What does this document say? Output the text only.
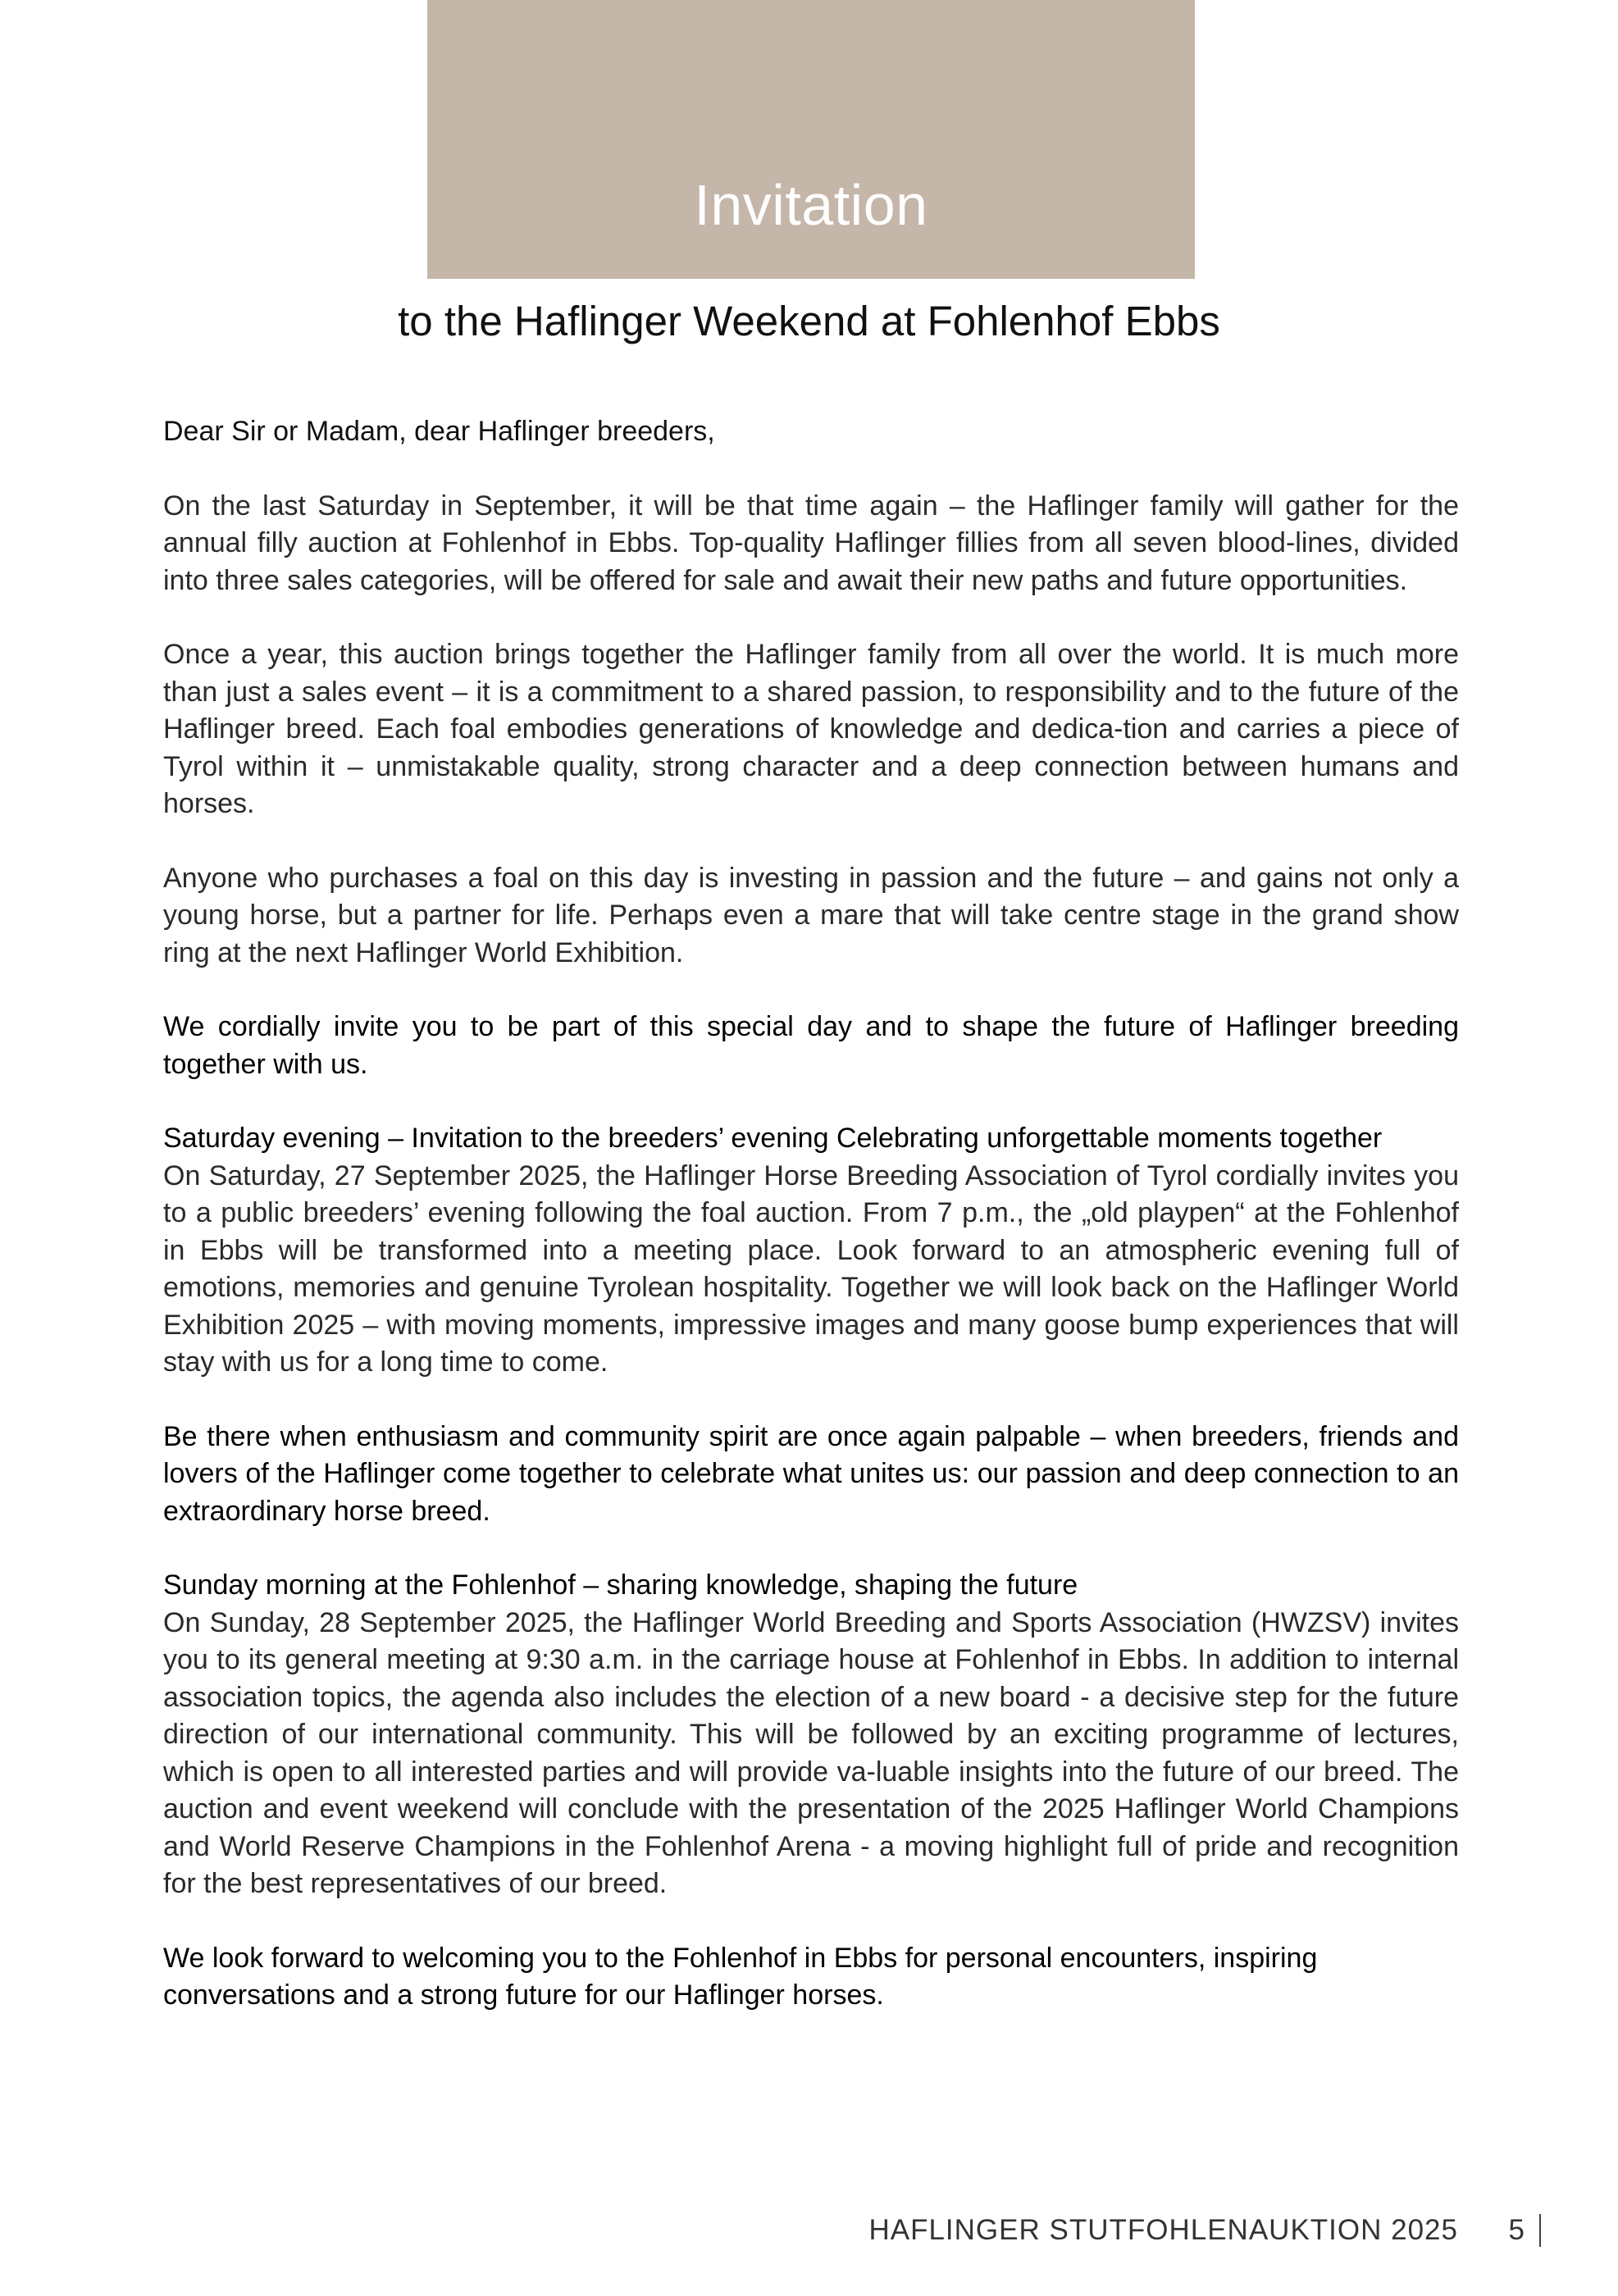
Invitation
to the Haflinger Weekend at Fohlenhof Ebbs

Dear Sir or Madam, dear Haflinger breeders,

On the last Saturday in September, it will be that time again – the Haflinger family will gather for the annual filly auction at Fohlenhof in Ebbs. Top-quality Haflinger fillies from all seven blood-lines, divided into three sales categories, will be offered for sale and await their new paths and future opportunities.

Once a year, this auction brings together the Haflinger family from all over the world. It is much more than just a sales event – it is a commitment to a shared passion, to responsibility and to the future of the Haflinger breed. Each foal embodies generations of knowledge and dedica-tion and carries a piece of Tyrol within it – unmistakable quality, strong character and a deep connection between humans and horses.

Anyone who purchases a foal on this day is investing in passion and the future – and gains not only a young horse, but a partner for life. Perhaps even a mare that will take centre stage in the grand show ring at the next Haflinger World Exhibition.

We cordially invite you to be part of this special day and to shape the future of Haflinger breeding together with us.

Saturday evening – Invitation to the breeders’ evening Celebrating unforgettable moments together
On Saturday, 27 September 2025, the Haflinger Horse Breeding Association of Tyrol cordially invites you to a public breeders’ evening following the foal auction. From 7 p.m., the „old playpen“ at the Fohlenhof in Ebbs will be transformed into a meeting place. Look forward to an atmospheric evening full of emotions, memories and genuine Tyrolean hospitality. Together we will look back on the Haflinger World Exhibition 2025 – with moving moments, impressive images and many goose bump experiences that will stay with us for a long time to come.

Be there when enthusiasm and community spirit are once again palpable – when breeders, friends and lovers of the Haflinger come together to celebrate what unites us: our passion and deep connection to an extraordinary horse breed.

Sunday morning at the Fohlenhof – sharing knowledge, shaping the future
On Sunday, 28 September 2025, the Haflinger World Breeding and Sports Association (HWZSV) invites you to its general meeting at 9:30 a.m. in the carriage house at Fohlenhof in Ebbs. In addition to internal association topics, the agenda also includes the election of a new board - a decisive step for the future direction of our international community. This will be followed by an exciting programme of lectures, which is open to all interested parties and will provide va-luable insights into the future of our breed. The auction and event weekend will conclude with the presentation of the 2025 Haflinger World Champions and World Reserve Champions in the Fohlenhof Arena - a moving highlight full of pride and recognition for the best representatives of our breed.

We look forward to welcoming you to the Fohlenhof in Ebbs for personal encounters, inspiring conversations and a strong future for our Haflinger horses.

HAFLINGER STUTFOHLENAUKTION 2025 5
